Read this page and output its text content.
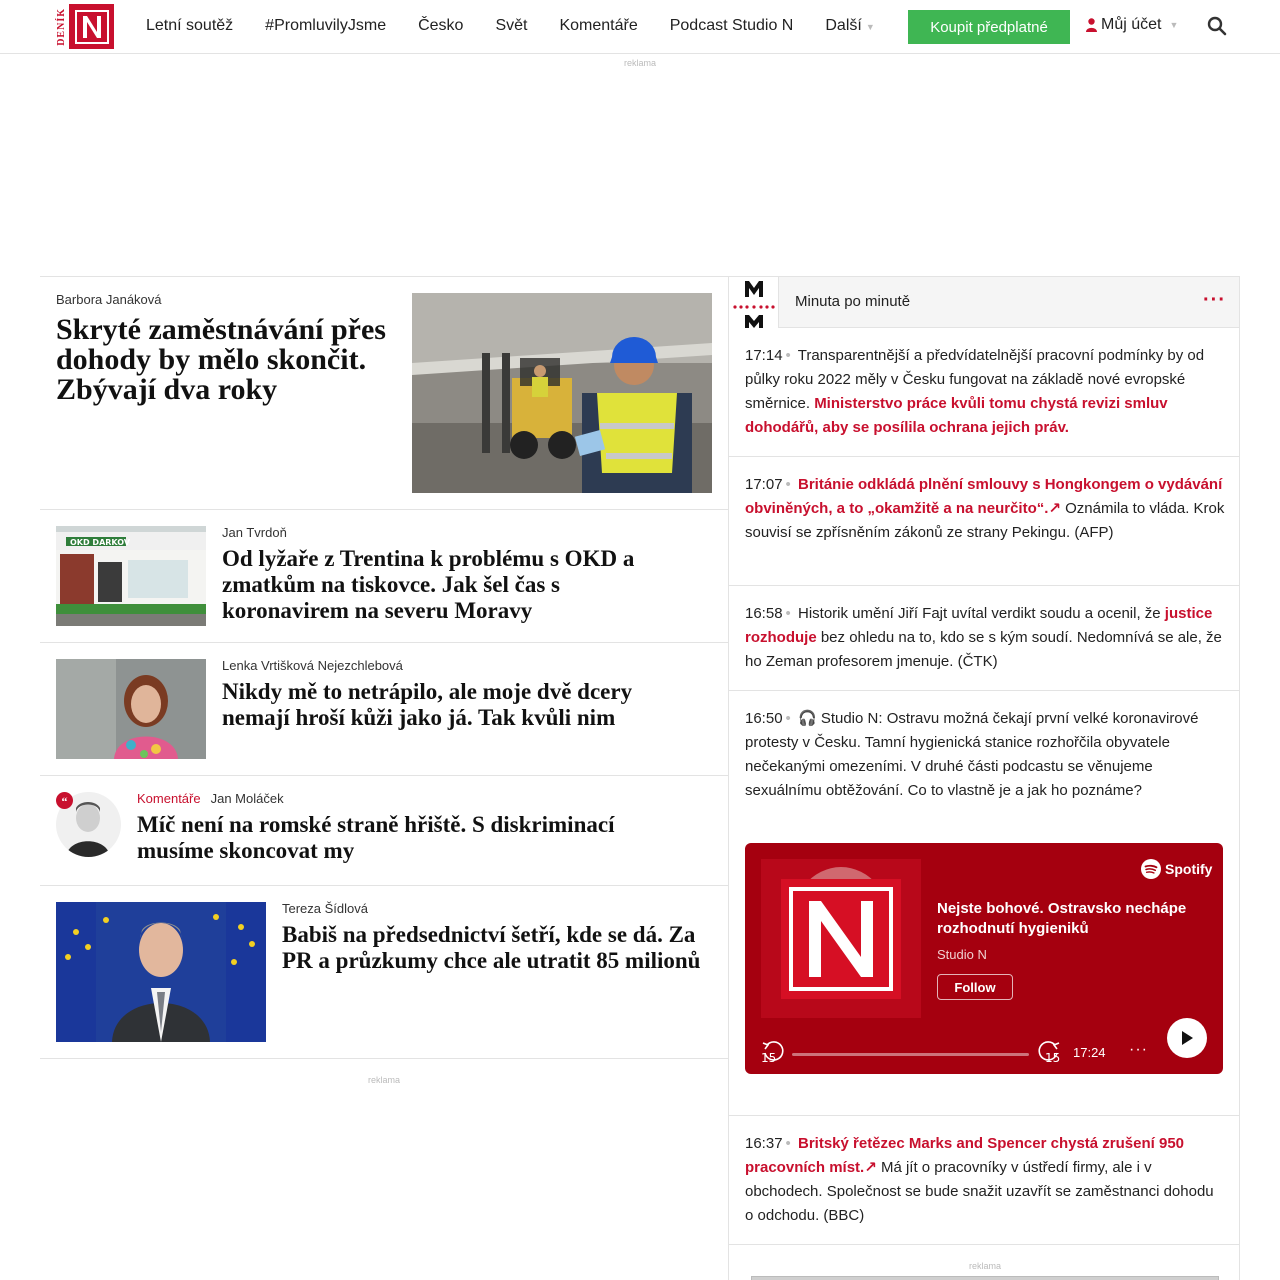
DENÍK	Letní soutěž	#PromluvilyJsme	Česko	Svět	Komentáře	Podcast Studio N	Další ▼	Koupit předplatné	Můj účet ▼
reklama
Barbora Janáková
Skryté zaměstnávání přes dohody by mělo skončit. Zbývají dva roky
OKD DARKOV
Jan Tvrdoň
Od lyžaře z Trentina k problému s OKD a zmatkům na tiskovce. Jak šel čas s koronavirem na severu Moravy
Lenka Vrtišková Nejezchlebová
Nikdy mě to netrápilo, ale moje dvě dcery nemají hroší kůži jako já. Tak kvůli nim
“	Komentáře Jan Moláček
Míč není na romské straně hřiště. S diskriminací musíme skoncovat my
Tereza Šídlová
Babiš na předsednictví šetří, kde se dá. Za PR a průzkumy chce ale utratit 85 milionů
reklama
Minuta po minutě	···

17:14 • Transparentnější a předvídatelnější pracovní podmínky by od půlky roku 2022 měly v Česku fungovat na základě nové evropské směrnice. Ministerstvo práce kvůli tomu chystá revizi smluv dohodářů, aby se posílila ochrana jejich práv.

17:07 • Británie odkládá plnění smlouvy s Hongkongem o vydávání obviněných, a to „okamžitě a na neurčito“.↗ Oznámila to vláda. Krok souvisí se zpřísněním zákonů ze strany Pekingu. (AFP)

16:58 • Historik umění Jiří Fajt uvítal verdikt soudu a ocenil, že justice rozhoduje bez ohledu na to, kdo se s kým soudí. Nedomnívá se ale, že ho Zeman profesorem jmenuje. (ČTK)

16:50 • 🎧 Studio N: Ostravu možná čekají první velké koronavirové protesty v Česku. Tamní hygienická stanice rozhořčila obyvatele nečekanými omezeními. V druhé části podcastu se věnujeme sexuálnímu obtěžování. Co to vlastně je a jak ho poznáme?

16:37 • Britský řetězec Marks and Spencer chystá zrušení 950 pracovních míst.↗ Má jít o pracovníky v ústředí firmy, ale i v obchodech. Společnost se bude snažit uzavřít se zaměstnanci dohodu o odchodu. (BBC)

Spotify
Nejste bohové. Ostravsko nechápe rozhodnutí hygieniků
Studio N
Follow
15	15 17:24 ···
reklama
